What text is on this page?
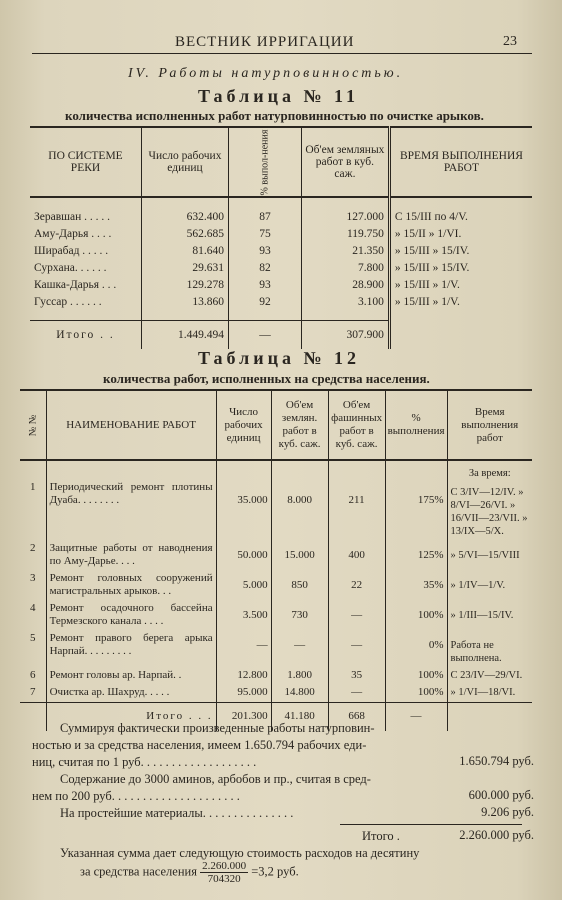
ВЕСТНИК ИРРИГАЦИИ	23
IV. Работы натурповинностью.
Таблица № 11
количества исполненных работ натурповинностью по очистке арыков.
ПО СИСТЕМЕ РЕКИ	Число рабочих единиц	% выпол-нения	Об'ем земляных работ в куб. саж.	ВРЕМЯ ВЫПОЛНЕНИЯ РАБОТ

Зеравшан . . . . .	632.400	87	127.000	С 15/III по 4/V.
Аму-Дарья . . . .	562.685	75	119.750	» 15/II » 1/VI.
Ширабад . . . . .	81.640	93	21.350	» 15/III » 15/IV.
Сурхана. . . . . .	29.631	82	7.800	» 15/III » 15/IV.
Кашка-Дарья . . .	129.278	93	28.900	» 15/III » 1/V.
Гуссар . . . . . .	13.860	92	3.100	» 15/III » 1/V.

Итого . .	1.449.494	—	307.900	
Таблица № 12
количества работ, исполненных на средства населения.
№ №	НАИМЕНОВАНИЕ РАБОТ	Число рабочих единиц	Об'ем землян. работ в куб. саж.	Об'ем фашинных работ в куб. саж.	% выполнения	Время выполнения работ
1	Периодический ремонт плотины Дуаба. . . . . . . .	35.000	8.000	211	175%	За время:
С 3/IV—12/IV. » 8/VI—26/VI. » 16/VII—23/VII. » 13/IX—5/X.
2	Защитные работы от наводнения по Аму-Дарье. . . .	50.000	15.000	400	125%	» 5/VI—15/VIII
3	Ремонт головных сооружений магистральных арыков. . .	5.000	850	22	35%	» 1/IV—1/V.
4	Ремонт осадочного бассейна Термезского канала . . . .	3.500	730	—	100%	» 1/III—15/IV.
5	Ремонт правого берега арыка Нарпай. . . . . . . . .	—	—	—	0%	Работа не выполнена.
6	Ремонт головы ар. Нарпай. .	12.800	1.800	35	100%	С 23/IV—29/VI.
7	Очистка ар. Шахруд. . . . .	95.000	14.800	—	100%	» 1/VI—18/VI.
	Итого . . .	201.300	41.180	668	—	
Суммируя фактически произведенные работы натурповин-
ностью и за средства населения, имеем 1.650.794 рабочих еди-
ниц, считая по 1 руб. . . . . . . . . . . . . . . . . . .	1.650.794 руб.
Содержание до 3000 аминов, арбобов и пр., считая в сред-
нем по 200 руб. . . . . . . . . . . . . . . . . . . . .	600.000 руб.
На простейшие материалы. . . . . . . . . . . . . . .	9.206 руб.
Итого .	2.260.000 руб.
Указанная сумма дает следующую стоимость расходов на десятину
за средства населения $\frac{2.260.000}{704320} =3,2$ руб.
